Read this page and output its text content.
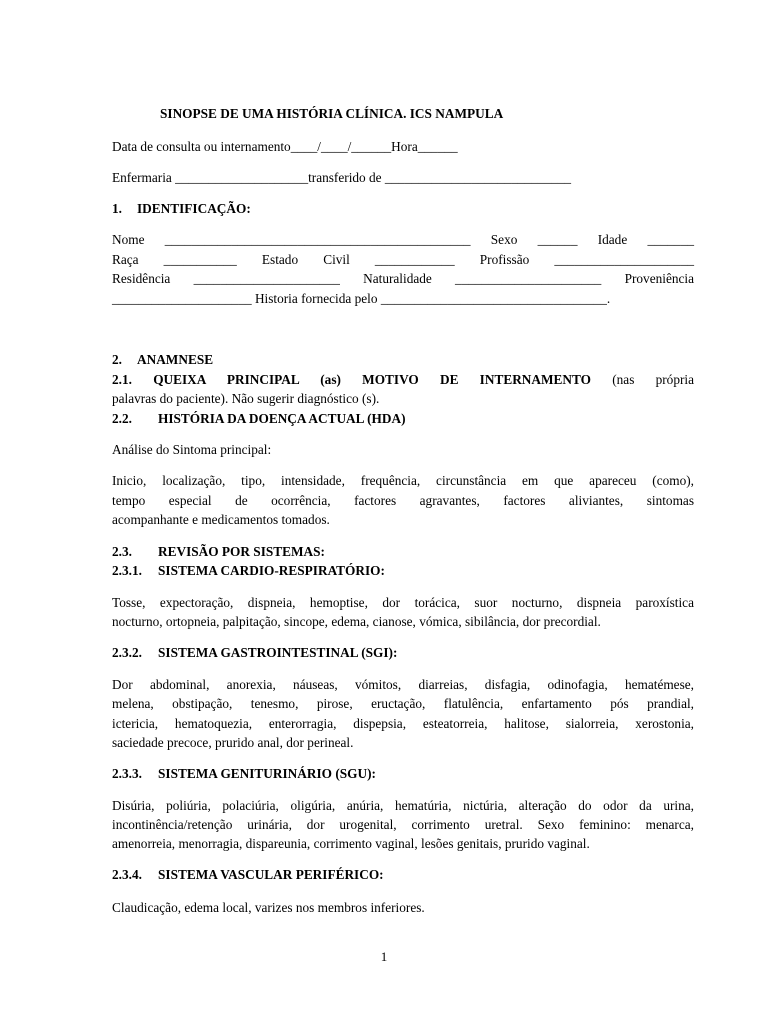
SINOPSE DE UMA HISTÓRIA CLÍNICA. ICS NAMPULA
Data de consulta ou internamento____/____/______Hora______
Enfermaria ____________________transferido de ____________________________
1. IDENTIFICAÇÃO:
Nome ______________________________________________ Sexo ______ Idade _______
Raça ___________ Estado Civil ____________ Profissão _____________________
Residência ______________________ Naturalidade ______________________ Proveniência
_____________________ Historia fornecida pelo __________________________________.
2. ANAMNESE
2.1. QUEIXA PRINCIPAL (as) MOTIVO DE INTERNAMENTO (nas própria
palavras do paciente). Não sugerir diagnóstico (s).
2.2. HISTÓRIA DA DOENÇA ACTUAL (HDA)
Análise do Sintoma principal:
Inicio, localização, tipo, intensidade, frequência, circunstância em que apareceu (como),
tempo especial de ocorrência, factores agravantes, factores aliviantes, sintomas
acompanhante e medicamentos tomados.
2.3. REVISÃO POR SISTEMAS:
2.3.1. SISTEMA CARDIO-RESPIRATÓRIO:
Tosse, expectoração, dispneia, hemoptise, dor torácica, suor nocturno, dispneia paroxística
nocturno, ortopneia, palpitação, sincope, edema, cianose, vómica, sibilância, dor precordial.
2.3.2. SISTEMA GASTROINTESTINAL (SGI):
Dor abdominal, anorexia, náuseas, vómitos, diarreias, disfagia, odinofagia, hematémese,
melena, obstipação, tenesmo, pirose, eructação, flatulência, enfartamento pós prandial,
ictericia, hematoquezia, enterorragia, dispepsia, esteatorreia, halitose, sialorreia, xerostonia,
saciedade precoce, prurido anal, dor perineal.
2.3.3. SISTEMA GENITURINÁRIO (SGU):
Disúria, poliúria, polaciúria, oligúria, anúria, hematúria, nictúria, alteração do odor da urina,
incontinência/retenção urinária, dor urogenital, corrimento uretral. Sexo feminino: menarca,
amenorreia, menorragia, dispareunia, corrimento vaginal, lesões genitais, prurido vaginal.
2.3.4. SISTEMA VASCULAR PERIFÉRICO:
Claudicação, edema local, varizes nos membros inferiores.
1
